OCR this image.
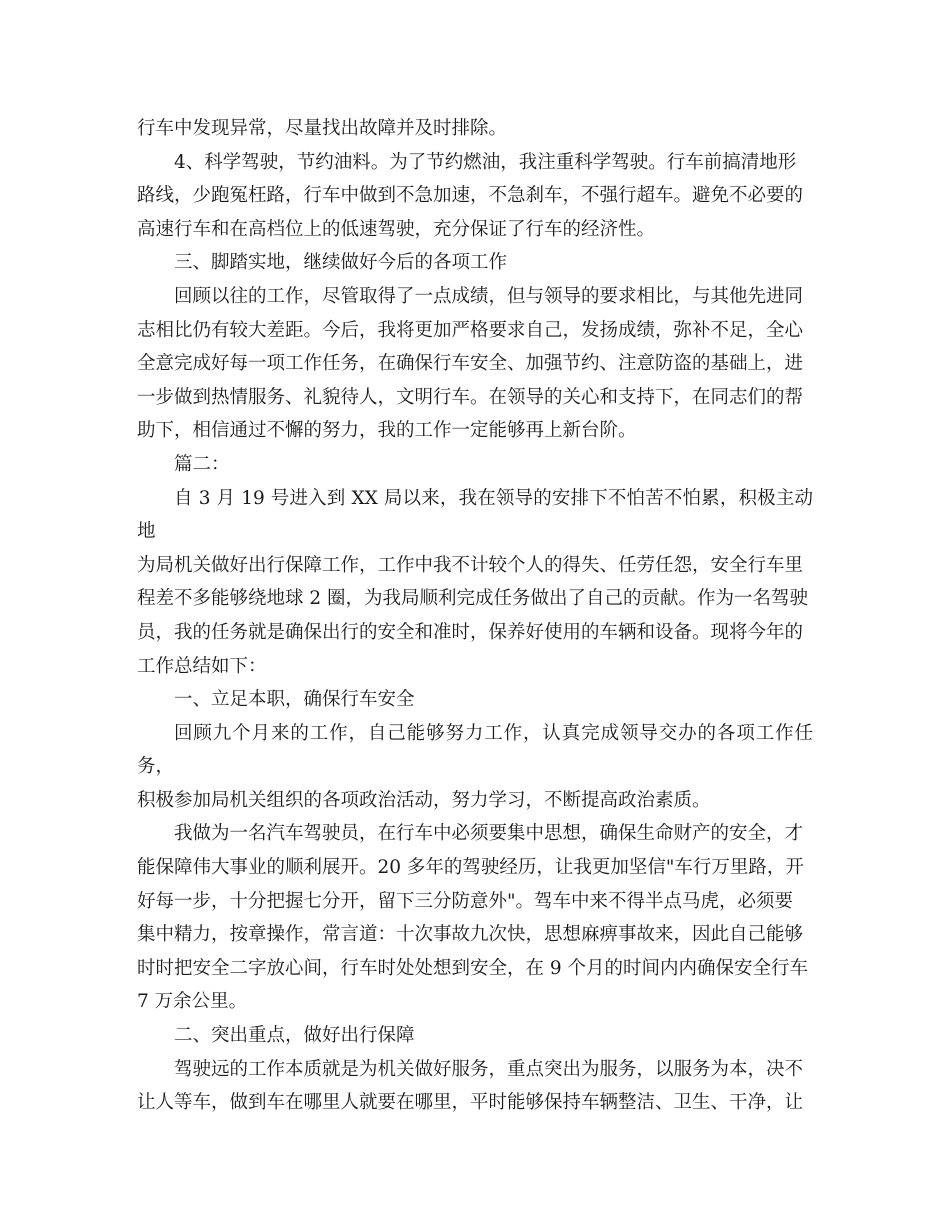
行车中发现异常，尽量找出故障并及时排除。

4、科学驾驶，节约油料。为了节约燃油，我注重科学驾驶。行车前搞清地形

路线，少跑冤枉路，行车中做到不急加速，不急刹车，不强行超车。避免不必要的

高速行车和在高档位上的低速驾驶，充分保证了行车的经济性。

三、脚踏实地，继续做好今后的各项工作

回顾以往的工作，尽管取得了一点成绩，但与领导的要求相比，与其他先进同

志相比仍有较大差距。今后，我将更加严格要求自己，发扬成绩，弥补不足，全心

全意完成好每一项工作任务，在确保行车安全、加强节约、注意防盗的基础上，进

一步做到热情服务、礼貌待人，文明行车。在领导的关心和支持下，在同志们的帮

助下，相信通过不懈的努力，我的工作一定能够再上新台阶。

篇二：

自 3 月 19 号进入到 XX 局以来，我在领导的安排下不怕苦不怕累，积极主动地

为局机关做好出行保障工作，工作中我不计较个人的得失、任劳任怨，安全行车里

程差不多能够绕地球 2 圈，为我局顺利完成任务做出了自己的贡献。作为一名驾驶

员，我的任务就是确保出行的安全和准时，保养好使用的车辆和设备。现将今年的

工作总结如下：

一、立足本职，确保行车安全

回顾九个月来的工作，自己能够努力工作，认真完成领导交办的各项工作任务，

积极参加局机关组织的各项政治活动，努力学习，不断提高政治素质。

我做为一名汽车驾驶员，在行车中必须要集中思想，确保生命财产的安全，才

能保障伟大事业的顺利展开。20 多年的驾驶经历，让我更加坚信"车行万里路，开

好每一步，十分把握七分开，留下三分防意外"。驾车中来不得半点马虎，必须要

集中精力，按章操作，常言道：十次事故九次快，思想麻痹事故来，因此自己能够

时时把安全二字放心间，行车时处处想到安全，在 9 个月的时间内内确保安全行车

7 万余公里。

二、突出重点，做好出行保障

驾驶远的工作本质就是为机关做好服务，重点突出为服务，以服务为本，决不

让人等车，做到车在哪里人就要在哪里，平时能够保持车辆整洁、卫生、干净，让
